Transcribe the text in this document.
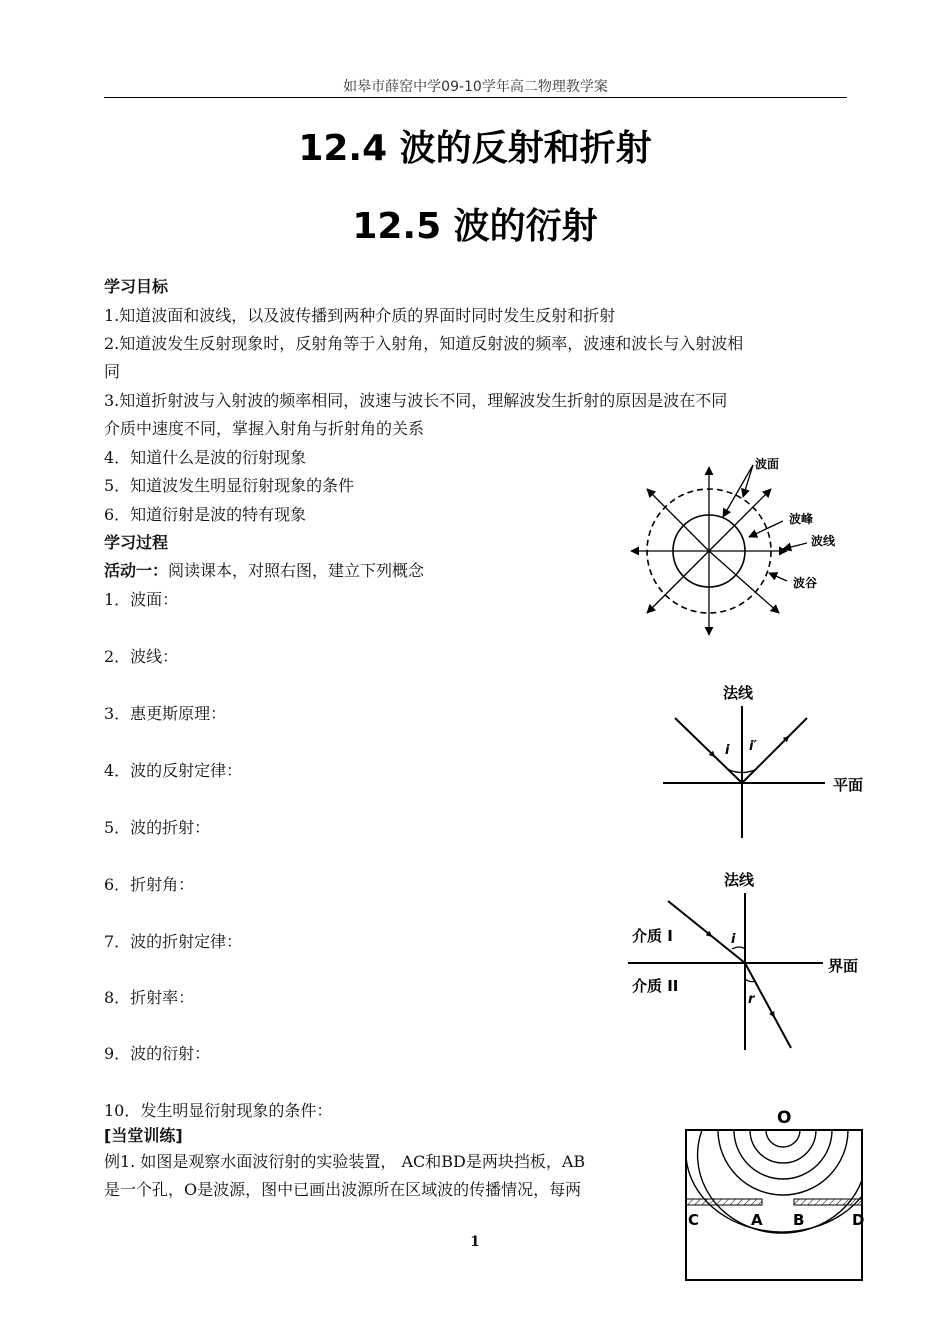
如皋市薛窑中学09-10学年高二物理教学案
12.4 波的反射和折射
12.5 波的衍射
学习目标
1.知道波面和波线，以及波传播到两种介质的界面时同时发生反射和折射
2.知道波发生反射现象时，反射角等于入射角，知道反射波的频率，波速和波长与入射波相
同
3.知道折射波与入射波的频率相同，波速与波长不同，理解波发生折射的原因是波在不同
介质中速度不同，掌握入射角与折射角的关系
4．知道什么是波的衍射现象
5．知道波发生明显衍射现象的条件
6．知道衍射是波的特有现象
学习过程
活动一：阅读课本，对照右图，建立下列概念
1．波面：
2．波线：
3．惠更斯原理：
4．波的反射定律：
5．波的折射：
6．折射角：
7．波的折射定律：
8．折射率：
9．波的衍射：
10．发生明显衍射现象的条件：
[当堂训练]
例1. 如图是观察水面波衍射的实验装置， AC和BD是两块挡板，AB
是一个孔，O是波源，图中已画出波源所在区域波的传播情况，每两
波面
波峰
波线
波谷
法线
i i′
平面
法线
i
r
介质 I
介质 II
界面
O
C	A B	D
1
